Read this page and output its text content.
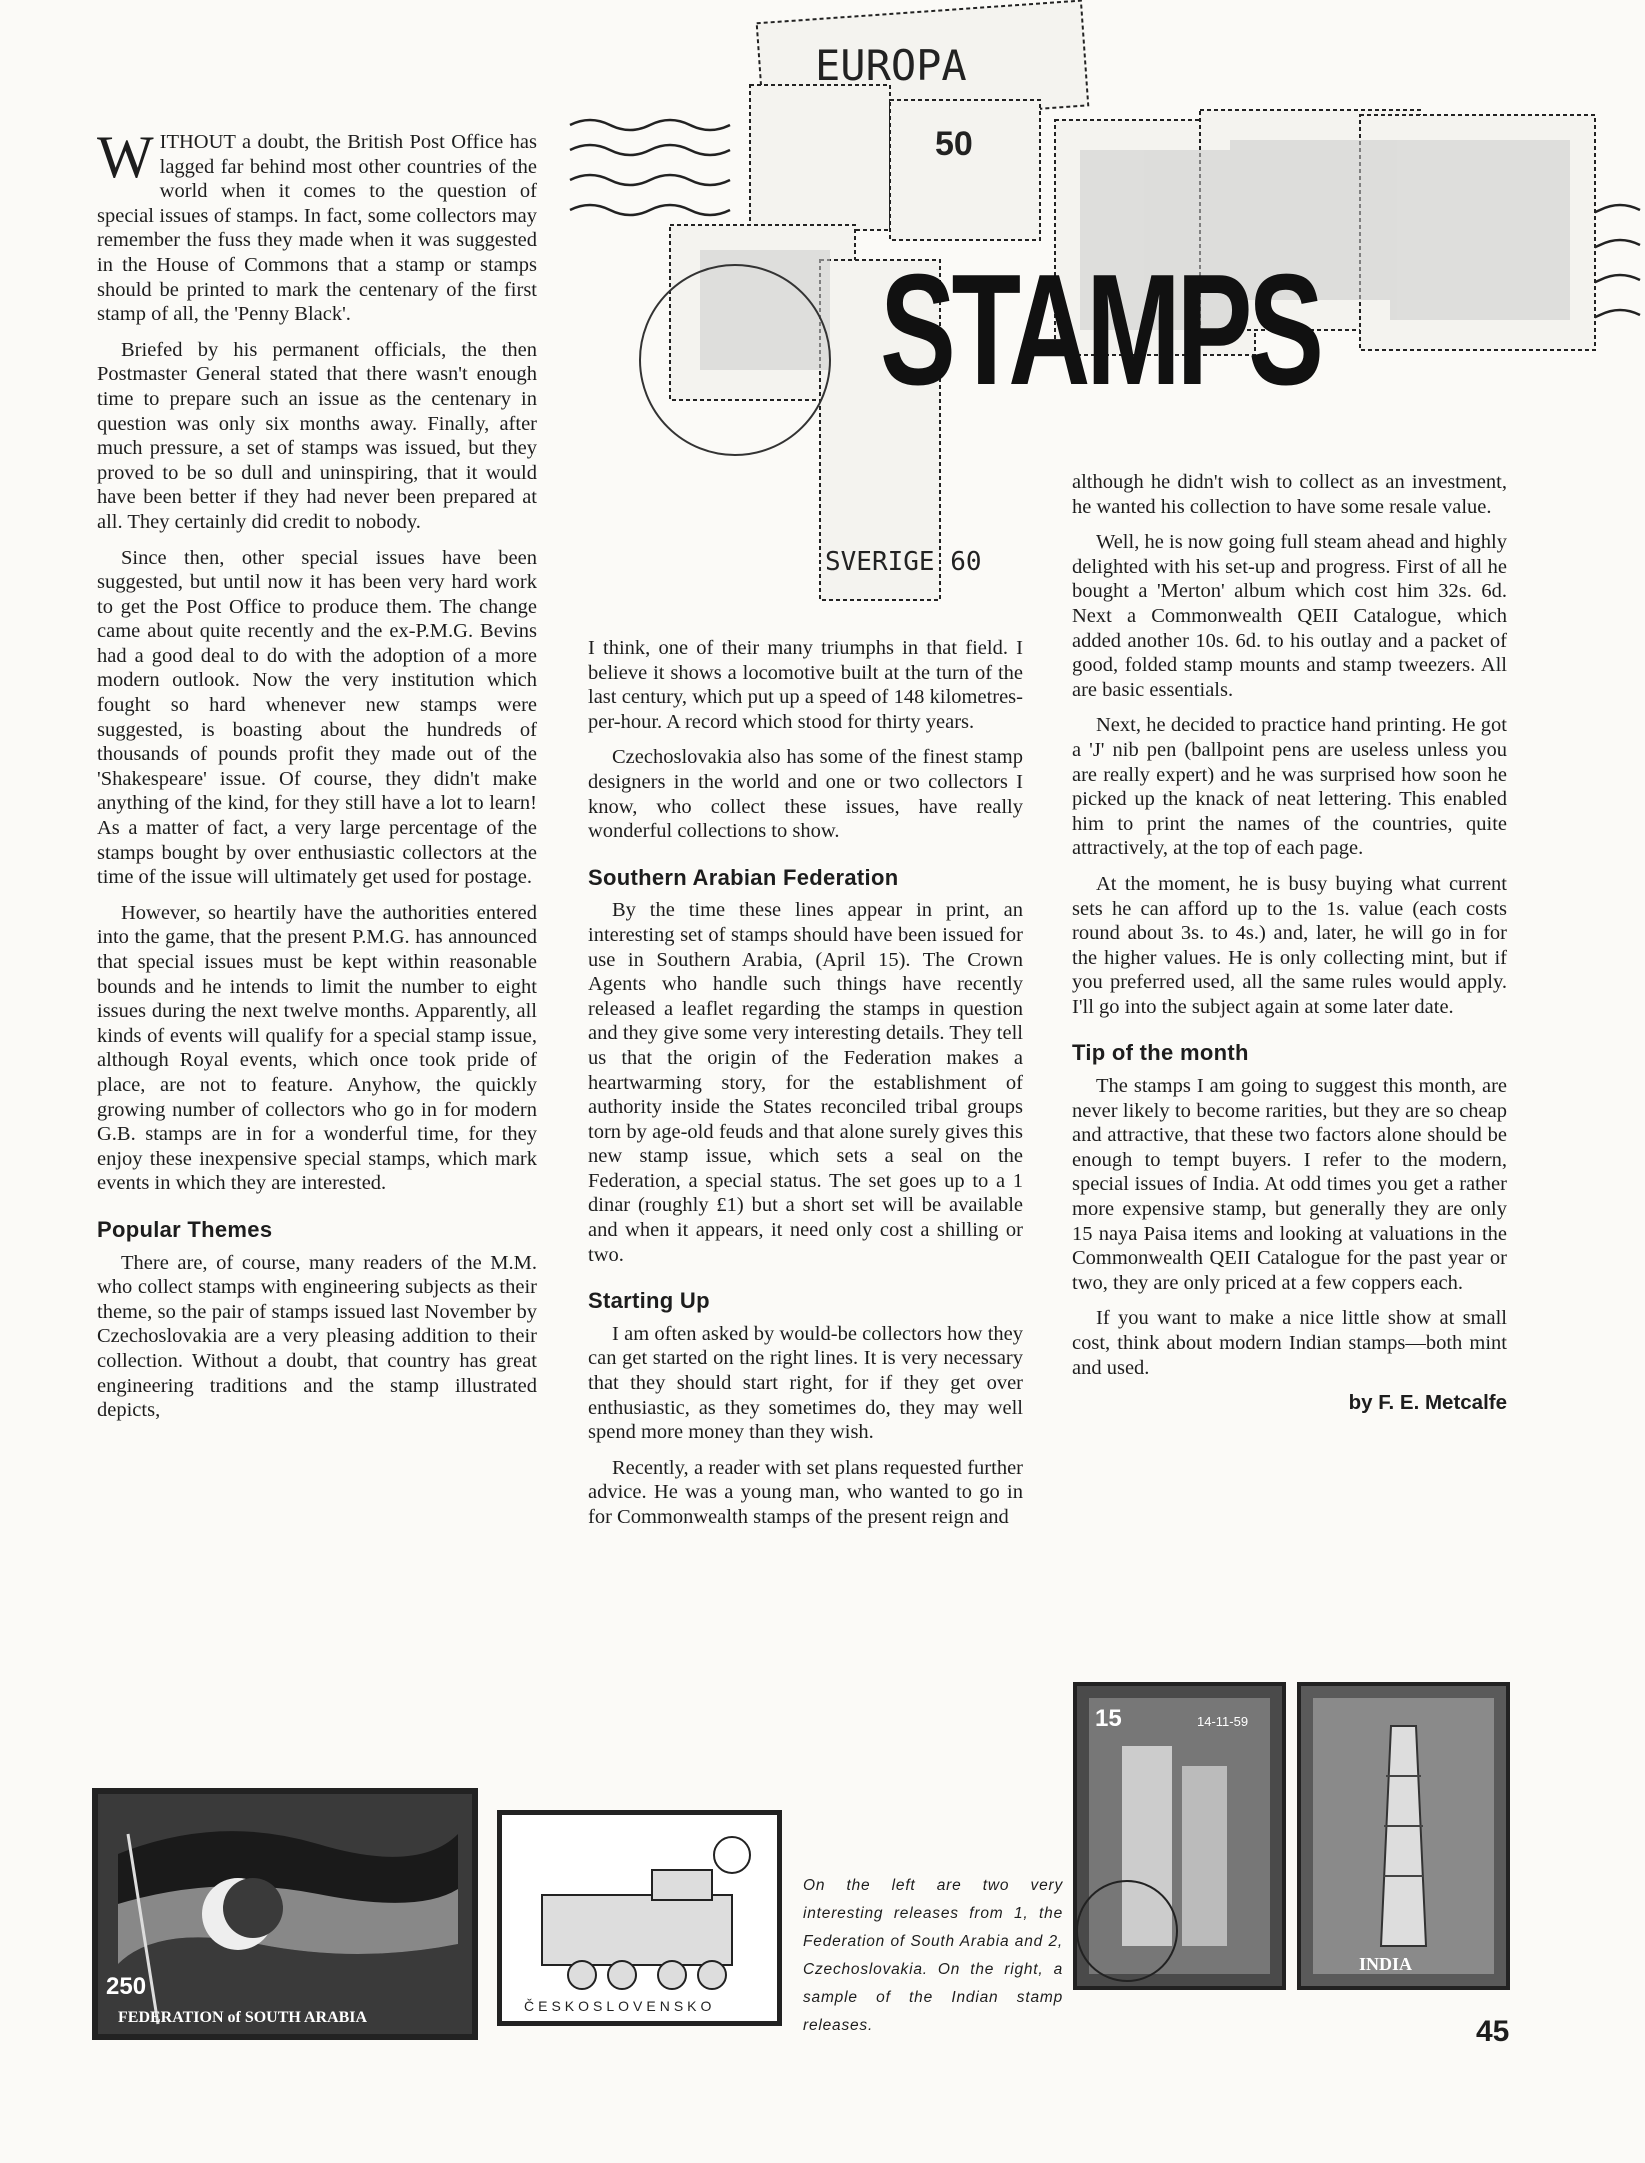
EUROPA
50
SVERIGE 60
STAMPS

WITHOUT a doubt, the British Post Office has lagged far behind most other countries of the world when it comes to the question of special issues of stamps. In fact, some collectors may remember the fuss they made when it was suggested in the House of Commons that a stamp or stamps should be printed to mark the centenary of the first stamp of all, the 'Penny Black'.

Briefed by his permanent officials, the then Postmaster General stated that there wasn't enough time to prepare such an issue as the centenary in question was only six months away. Finally, after much pressure, a set of stamps was issued, but they proved to be so dull and uninspiring, that it would have been better if they had never been prepared at all. They certainly did credit to nobody.

Since then, other special issues have been suggested, but until now it has been very hard work to get the Post Office to produce them. The change came about quite recently and the ex-P.M.G. Bevins had a good deal to do with the adoption of a more modern outlook. Now the very institution which fought so hard whenever new stamps were suggested, is boasting about the hundreds of thousands of pounds profit they made out of the 'Shakespeare' issue. Of course, they didn't make anything of the kind, for they still have a lot to learn! As a matter of fact, a very large percentage of the stamps bought by over enthusiastic collectors at the time of the issue will ultimately get used for postage.

However, so heartily have the authorities entered into the game, that the present P.M.G. has announced that special issues must be kept within reasonable bounds and he intends to limit the number to eight issues during the next twelve months. Apparently, all kinds of events will qualify for a special stamp issue, although Royal events, which once took pride of place, are not to feature. Anyhow, the quickly growing number of collectors who go in for modern G.B. stamps are in for a wonderful time, for they enjoy these inexpensive special stamps, which mark events in which they are interested.

Popular Themes

There are, of course, many readers of the M.M. who collect stamps with engineering subjects as their theme, so the pair of stamps issued last November by Czechoslovakia are a very pleasing addition to their collection. Without a doubt, that country has great engineering traditions and the stamp illustrated depicts,

I think, one of their many triumphs in that field. I believe it shows a locomotive built at the turn of the last century, which put up a speed of 148 kilometres-per-hour. A record which stood for thirty years.

Czechoslovakia also has some of the finest stamp designers in the world and one or two collectors I know, who collect these issues, have really wonderful collections to show.

Southern Arabian Federation

By the time these lines appear in print, an interesting set of stamps should have been issued for use in Southern Arabia, (April 15). The Crown Agents who handle such things have recently released a leaflet regarding the stamps in question and they give some very interesting details. They tell us that the origin of the Federation makes a heartwarming story, for the establishment of authority inside the States reconciled tribal groups torn by age-old feuds and that alone surely gives this new stamp issue, which sets a seal on the Federation, a special status. The set goes up to a 1 dinar (roughly £1) but a short set will be available and when it appears, it need only cost a shilling or two.

Starting Up

I am often asked by would-be collectors how they can get started on the right lines. It is very necessary that they should start right, for if they get over enthusiastic, as they sometimes do, they may well spend more money than they wish.

Recently, a reader with set plans requested further advice. He was a young man, who wanted to go in for Commonwealth stamps of the present reign and

although he didn't wish to collect as an investment, he wanted his collection to have some resale value.

Well, he is now going full steam ahead and highly delighted with his set-up and progress. First of all he bought a 'Merton' album which cost him 32s. 6d. Next a Commonwealth QEII Catalogue, which added another 10s. 6d. to his outlay and a packet of good, folded stamp mounts and stamp tweezers. All are basic essentials.

Next, he decided to practice hand printing. He got a 'J' nib pen (ballpoint pens are useless unless you are really expert) and he was surprised how soon he picked up the knack of neat lettering. This enabled him to print the names of the countries, quite attractively, at the top of each page.

At the moment, he is busy buying what current sets he can afford up to the 1s. value (each costs round about 3s. to 4s.) and, later, he will go in for the higher values. He is only collecting mint, but if you preferred used, all the same rules would apply. I'll go into the subject again at some later date.

Tip of the month

The stamps I am going to suggest this month, are never likely to become rarities, but they are so cheap and attractive, that these two factors alone should be enough to tempt buyers. I refer to the modern, special issues of India. At odd times you get a rather more expensive stamp, but generally they are only 15 naya Paisa items and looking at valuations in the Commonwealth QEII Catalogue for the past year or two, they are only priced at a few coppers each.

If you want to make a nice little show at small cost, think about modern Indian stamps—both mint and used.

by F. E. Metcalfe
250
FEDERATION of SOUTH ARABIA
ČESKOSLOVENSKO
15	14-11-59
INDIA
On the left are two very interesting releases from 1, the Federation of South Arabia and 2, Czechoslovakia. On the right, a sample of the Indian stamp releases.	45
